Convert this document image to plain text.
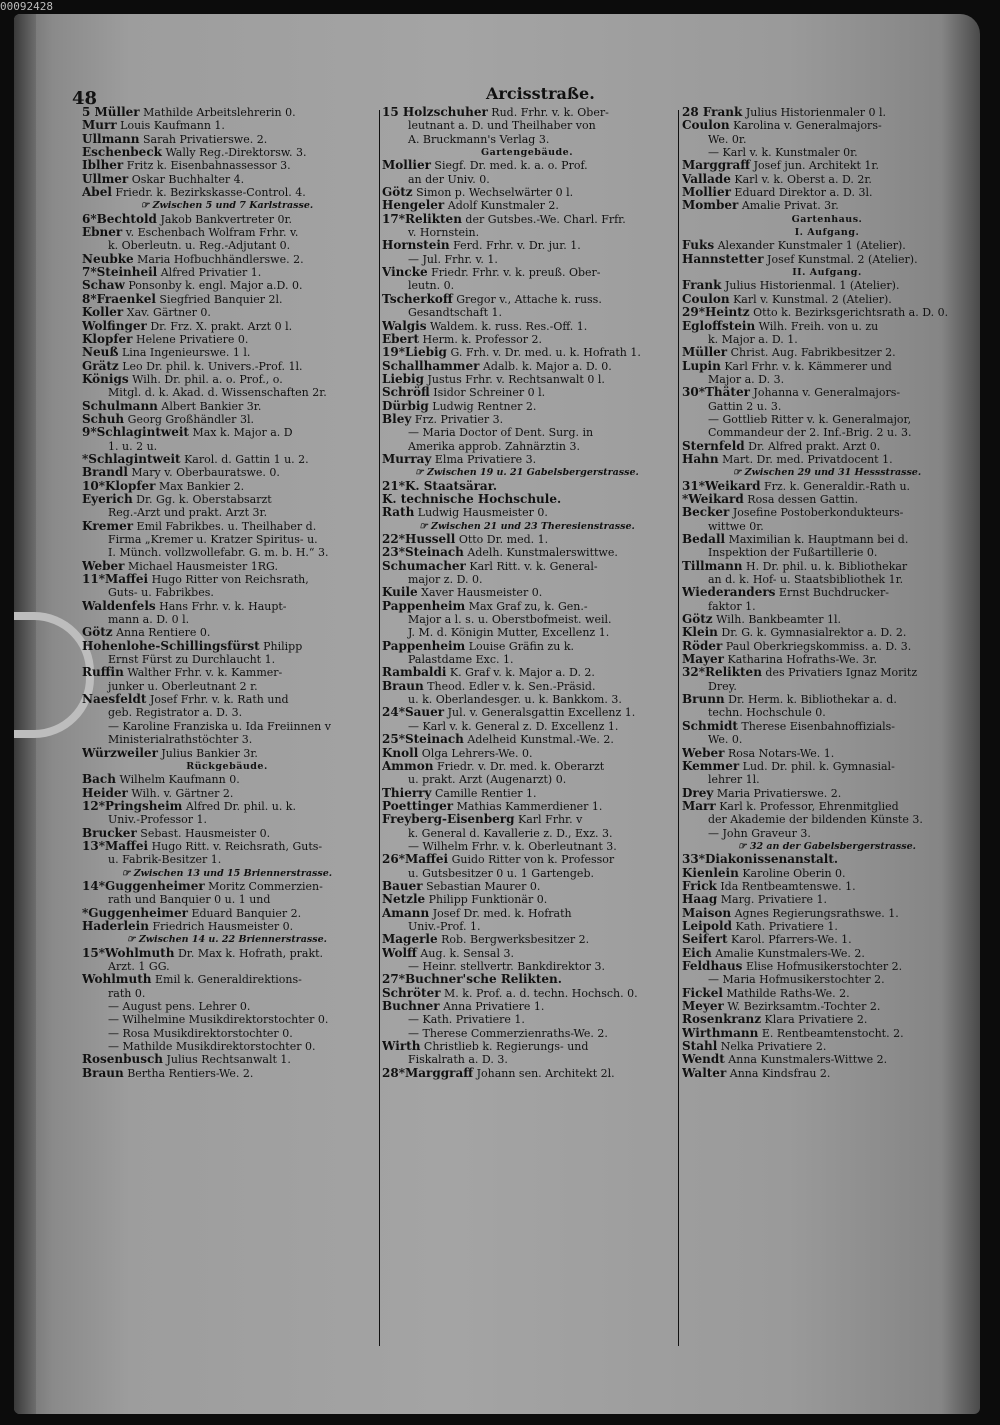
48	Arcisstraße.
5 Müller Mathilde Arbeitslehrerin 0.
Murr Louis Kaufmann 1.
Ullmann Sarah Privatierswe. 2.
Eschenbeck Wally Reg.-Direktorsw. 3.
Iblher Fritz k. Eisenbahnassessor 3.
Ullmer Oskar Buchhalter 4.
Abel Friedr. k. Bezirkskasse-Control. 4.
☞ Zwischen 5 und 7 Karlstrasse.
6*Bechtold Jakob Bankvertreter 0r.
Ebner v. Eschenbach Wolfram Frhr. v.
k. Oberleutn. u. Reg.-Adjutant 0.
Neubke Maria Hofbuchhändlerswe. 2.
7*Steinheil Alfred Privatier 1.
Schaw Ponsonby k. engl. Major a.D. 0.
8*Fraenkel Siegfried Banquier 2l.
Koller Xav. Gärtner 0.
Wolfinger Dr. Frz. X. prakt. Arzt 0 l.
Klopfer Helene Privatiere 0.
Neuß Lina Ingenieurswe. 1 l.
Grätz Leo Dr. phil. k. Univers.-Prof. 1l.
Königs Wilh. Dr. phil. a. o. Prof., o.
Mitgl. d. k. Akad. d. Wissenschaften 2r.
Schulmann Albert Bankier 3r.
Schuh Georg Großhändler 3l.
9*Schlagintweit Max k. Major a. D
1. u. 2 u.
*Schlagintweit Karol. d. Gattin 1 u. 2.
Brandl Mary v. Oberbauratswe. 0.
10*Klopfer Max Bankier 2.
Eyerich Dr. Gg. k. Oberstabsarzt
Reg.-Arzt und prakt. Arzt 3r.
Kremer Emil Fabrikbes. u. Theilhaber d.
Firma „Kremer u. Kratzer Spiritus- u.
I. Münch. vollzwollefabr. G. m. b. H.“ 3.
Weber Michael Hausmeister 1RG.
11*Maffei Hugo Ritter von Reichsrath,
Guts- u. Fabrikbes.
Waldenfels Hans Frhr. v. k. Haupt-
mann a. D. 0 l.
Götz Anna Rentiere 0.
Hohenlohe-Schillingsfürst Philipp
Ernst Fürst zu Durchlaucht 1.
Ruffin Walther Frhr. v. k. Kammer-
junker u. Oberleutnant 2 r.
Naesfeldt Josef Frhr. v. k. Rath und
geb. Registrator a. D. 3.
— Karoline Franziska u. Ida Freiinnen v
Ministerialrathstöchter 3.
Würzweiler Julius Bankier 3r.
Rückgebäude.
Bach Wilhelm Kaufmann 0.
Heider Wilh. v. Gärtner 2.
12*Pringsheim Alfred Dr. phil. u. k.
Univ.-Professor 1.
Brucker Sebast. Hausmeister 0.
13*Maffei Hugo Ritt. v. Reichsrath, Guts-
u. Fabrik-Besitzer 1.
☞ Zwischen 13 und 15 Briennerstrasse.
14*Guggenheimer Moritz Commerzien-
rath und Banquier 0 u. 1 und
*Guggenheimer Eduard Banquier 2.
Haderlein Friedrich Hausmeister 0.
☞ Zwischen 14 u. 22 Briennerstrasse.
15*Wohlmuth Dr. Max k. Hofrath, prakt.
Arzt. 1 GG.
Wohlmuth Emil k. Generaldirektions-
rath 0.
— August pens. Lehrer 0.
— Wilhelmine Musikdirektorstochter 0.
— Rosa Musikdirektorstochter 0.
— Mathilde Musikdirektorstochter 0.
Rosenbusch Julius Rechtsanwalt 1.
Braun Bertha Rentiers-We. 2.
15 Holzschuher Rud. Frhr. v. k. Ober-
leutnant a. D. und Theilhaber von
A. Bruckmann's Verlag 3.
Gartengebäude.
Mollier Siegf. Dr. med. k. a. o. Prof.
an der Univ. 0.
Götz Simon p. Wechselwärter 0 l.
Hengeler Adolf Kunstmaler 2.
17*Relikten der Gutsbes.-We. Charl. Frfr.
v. Hornstein.
Hornstein Ferd. Frhr. v. Dr. jur. 1.
— Jul. Frhr. v. 1.
Vincke Friedr. Frhr. v. k. preuß. Ober-
leutn. 0.
Tscherkoff Gregor v., Attache k. russ.
Gesandtschaft 1.
Walgis Waldem. k. russ. Res.-Off. 1.
Ebert Herm. k. Professor 2.
19*Liebig G. Frh. v. Dr. med. u. k. Hofrath 1.
Schallhammer Adalb. k. Major a. D. 0.
Liebig Justus Frhr. v. Rechtsanwalt 0 l.
Schröfl Isidor Schreiner 0 l.
Dürbig Ludwig Rentner 2.
Bley Frz. Privatier 3.
— Maria Doctor of Dent. Surg. in
Amerika approb. Zahnärztin 3.
Murray Elma Privatiere 3.
☞ Zwischen 19 u. 21 Gabelsbergerstrasse.
21*K. Staatsärar.
K. technische Hochschule.
Rath Ludwig Hausmeister 0.
☞ Zwischen 21 und 23 Theresienstrasse.
22*Hussell Otto Dr. med. 1.
23*Steinach Adelh. Kunstmalerswittwe.
Schumacher Karl Ritt. v. k. General-
major z. D. 0.
Kuile Xaver Hausmeister 0.
Pappenheim Max Graf zu, k. Gen.-
Major a l. s. u. Oberstbofmeist. weil.
J. M. d. Königin Mutter, Excellenz 1.
Pappenheim Louise Gräfin zu k.
Palastdame Exc. 1.
Rambaldi K. Graf v. k. Major a. D. 2.
Braun Theod. Edler v. k. Sen.-Präsid.
u. k. Oberlandesger. u. k. Bankkom. 3.
24*Sauer Jul. v. Generalsgattin Excellenz 1.
— Karl v. k. General z. D. Excellenz 1.
25*Steinach Adelheid Kunstmal.-We. 2.
Knoll Olga Lehrers-We. 0.
Ammon Friedr. v. Dr. med. k. Oberarzt
u. prakt. Arzt (Augenarzt) 0.
Thierry Camille Rentier 1.
Poettinger Mathias Kammerdiener 1.
Freyberg-Eisenberg Karl Frhr. v
k. General d. Kavallerie z. D., Exz. 3.
— Wilhelm Frhr. v. k. Oberleutnant 3.
26*Maffei Guido Ritter von k. Professor
u. Gutsbesitzer 0 u. 1 Gartengeb.
Bauer Sebastian Maurer 0.
Netzle Philipp Funktionär 0.
Amann Josef Dr. med. k. Hofrath
Univ.-Prof. 1.
Magerle Rob. Bergwerksbesitzer 2.
Wolff Aug. k. Sensal 3.
— Heinr. stellvertr. Bankdirektor 3.
27*Buchner'sche Relikten.
Schröter M. k. Prof. a. d. techn. Hochsch. 0.
Buchner Anna Privatiere 1.
— Kath. Privatiere 1.
— Therese Commerzienraths-We. 2.
Wirth Christlieb k. Regierungs- und
Fiskalrath a. D. 3.
28*Marggraff Johann sen. Architekt 2l.
28 Frank Julius Historienmaler 0 l.
Coulon Karolina v. Generalmajors-
We. 0r.
— Karl v. k. Kunstmaler 0r.
Marggraff Josef jun. Architekt 1r.
Vallade Karl v. k. Oberst a. D. 2r.
Mollier Eduard Direktor a. D. 3l.
Momber Amalie Privat. 3r.
Gartenhaus.
I. Aufgang.
Fuks Alexander Kunstmaler 1 (Atelier).
Hannstetter Josef Kunstmal. 2 (Atelier).
II. Aufgang.
Frank Julius Historienmal. 1 (Atelier).
Coulon Karl v. Kunstmal. 2 (Atelier).
29*Heintz Otto k. Bezirksgerichtsrath a. D. 0.
Egloffstein Wilh. Freih. von u. zu
k. Major a. D. 1.
Müller Christ. Aug. Fabrikbesitzer 2.
Lupin Karl Frhr. v. k. Kämmerer und
Major a. D. 3.
30*Thäter Johanna v. Generalmajors-
Gattin 2 u. 3.
— Gottlieb Ritter v. k. Generalmajor,
Commandeur der 2. Inf.-Brig. 2 u. 3.
Sternfeld Dr. Alfred prakt. Arzt 0.
Hahn Mart. Dr. med. Privatdocent 1.
☞ Zwischen 29 und 31 Hessstrasse.
31*Weikard Frz. k. Generaldir.-Rath u.
*Weikard Rosa dessen Gattin.
Becker Josefine Postoberkondukteurs-
wittwe 0r.
Bedall Maximilian k. Hauptmann bei d.
Inspektion der Fußartillerie 0.
Tillmann H. Dr. phil. u. k. Bibliothekar
an d. k. Hof- u. Staatsbibliothek 1r.
Wiederanders Ernst Buchdrucker-
faktor 1.
Götz Wilh. Bankbeamter 1l.
Klein Dr. G. k. Gymnasialrektor a. D. 2.
Röder Paul Oberkriegskommiss. a. D. 3.
Mayer Katharina Hofraths-We. 3r.
32*Relikten des Privatiers Ignaz Moritz
Drey.
Brunn Dr. Herm. k. Bibliothekar a. d.
techn. Hochschule 0.
Schmidt Therese Eisenbahnoffizials-
We. 0.
Weber Rosa Notars-We. 1.
Kemmer Lud. Dr. phil. k. Gymnasial-
lehrer 1l.
Drey Maria Privatierswe. 2.
Marr Karl k. Professor, Ehrenmitglied
der Akademie der bildenden Künste 3.
— John Graveur 3.
☞ 32 an der Gabelsbergerstrasse.
33*Diakonissenanstalt.
Kienlein Karoline Oberin 0.
Frick Ida Rentbeamtenswe. 1.
Haag Marg. Privatiere 1.
Maison Agnes Regierungsrathswe. 1.
Leipold Kath. Privatiere 1.
Seifert Karol. Pfarrers-We. 1.
Eich Amalie Kunstmalers-We. 2.
Feldhaus Elise Hofmusikerstochter 2.
— Maria Hofmusikerstochter 2.
Fickel Mathilde Raths-We. 2.
Meyer W. Bezirksamtm.-Tochter 2.
Rosenkranz Klara Privatiere 2.
Wirthmann E. Rentbeamtenstocht. 2.
Stahl Nelka Privatiere 2.
Wendt Anna Kunstmalers-Wittwe 2.
Walter Anna Kindsfrau 2.
00092428
